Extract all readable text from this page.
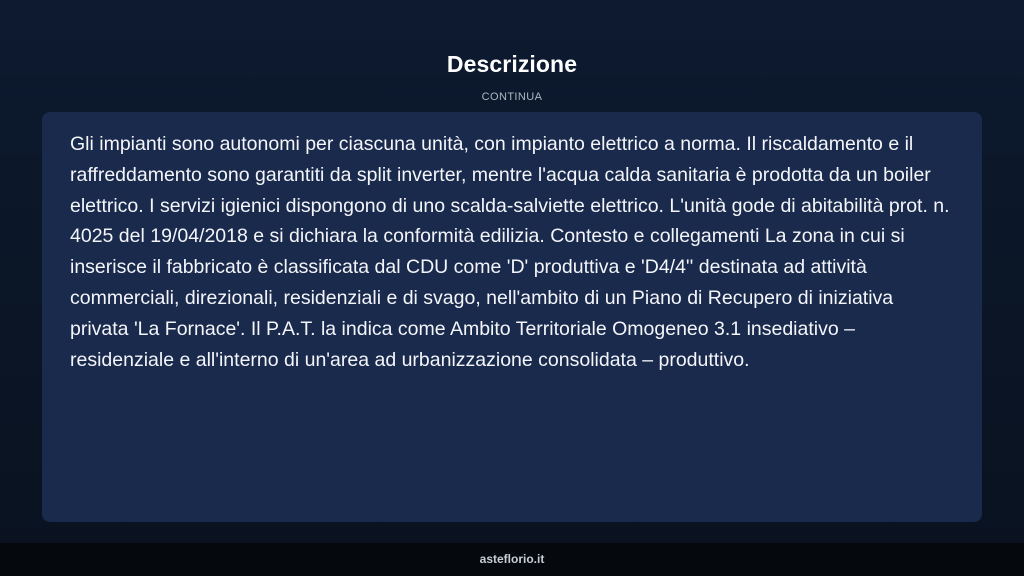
Descrizione
CONTINUA

Gli impianti sono autonomi per ciascuna unità, con impianto elettrico a norma. Il riscaldamento e il raffreddamento sono garantiti da split inverter, mentre l'acqua calda sanitaria è prodotta da un boiler elettrico. I servizi igienici dispongono di uno scalda-salviette elettrico. L'unità gode di abitabilità prot. n. 4025 del 19/04/2018 e si dichiara la conformità edilizia. Contesto e collegamenti La zona in cui si inserisce il fabbricato è classificata dal CDU come 'D' produttiva e 'D4/4'' destinata ad attività commerciali, direzionali, residenziali e di svago, nell'ambito di un Piano di Recupero di iniziativa privata 'La Fornace'. Il P.A.T. la indica come Ambito Territoriale Omogeneo 3.1 insediativo – residenziale e all'interno di un'area ad urbanizzazione consolidata – produttivo.

asteflorio.it
